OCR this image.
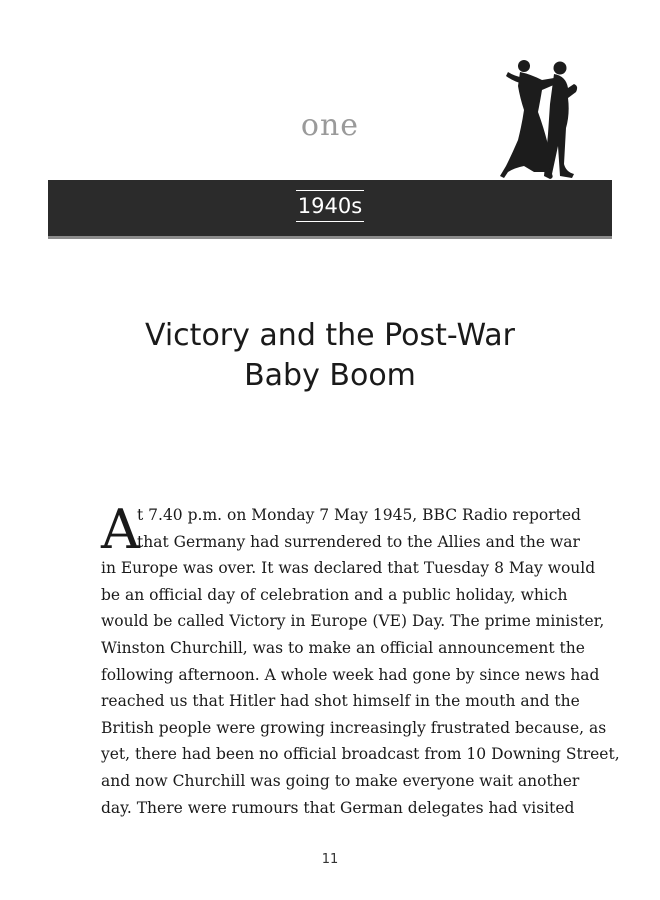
one
1940s
Victory and the Post-War
Baby Boom
A
t 7.40 p.m. on Monday 7 May 1945, BBC Radio reported
that Germany had surrendered to the Allies and the war
in Europe was over. It was declared that Tuesday 8 May would
be an official day of celebration and a public holiday, which
would be called Victory in Europe (VE) Day. The prime minister,
Winston Churchill, was to make an official announcement the
following afternoon. A whole week had gone by since news had
reached us that Hitler had shot himself in the mouth and the
British people were growing increasingly frustrated because, as
yet, there had been no official broadcast from 10 Downing Street,
and now Churchill was going to make everyone wait another
day. There were rumours that German delegates had visited
11
